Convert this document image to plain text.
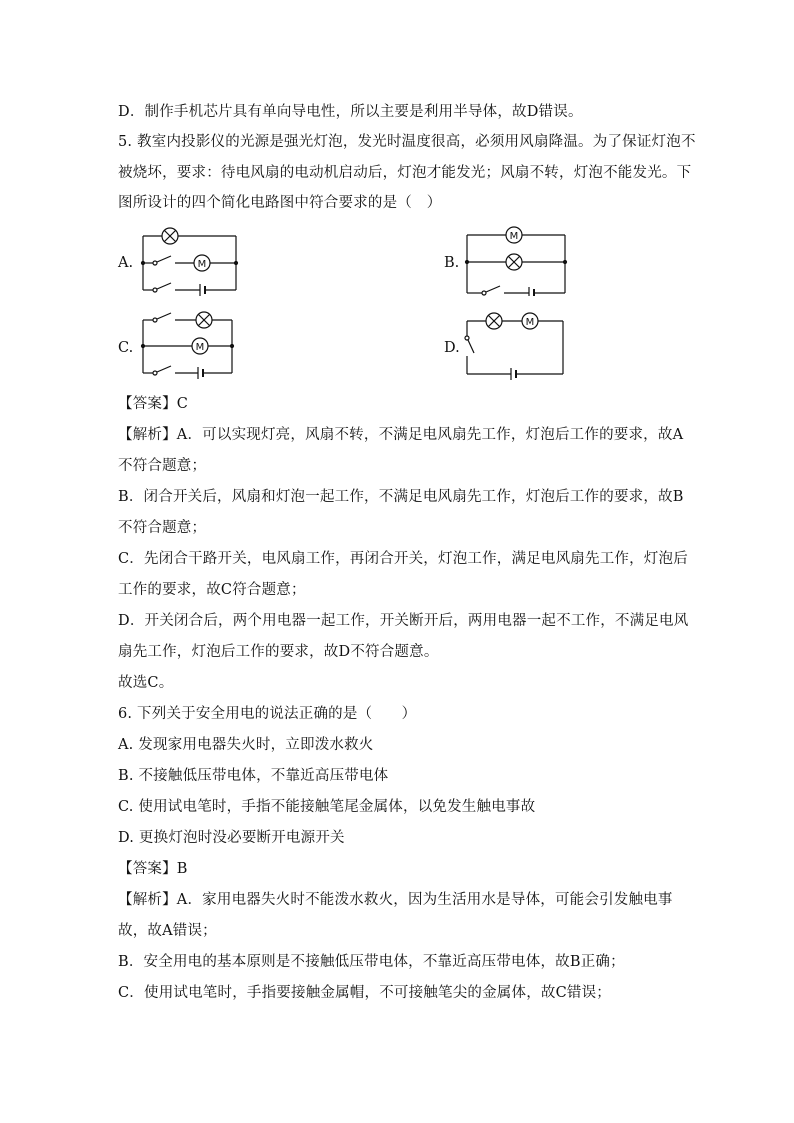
D．制作手机芯片具有单向导电性，所以主要是利用半导体，故D错误。
5. 教室内投影仪的光源是强光灯泡，发光时温度很高，必须用风扇降温。为了保证灯泡不
被烧坏，要求：待电风扇的电动机启动后，灯泡才能发光；风扇不转，灯泡不能发光。下
图所设计的四个简化电路图中符合要求的是（　）
A.	M	B.
M
C.	M	D.
M
【答案】C
【解析】A．可以实现灯亮，风扇不转，不满足电风扇先工作，灯泡后工作的要求，故A
不符合题意；
B．闭合开关后，风扇和灯泡一起工作，不满足电风扇先工作，灯泡后工作的要求，故B
不符合题意；
C．先闭合干路开关，电风扇工作，再闭合开关，灯泡工作，满足电风扇先工作，灯泡后
工作的要求，故C符合题意；
D．开关闭合后，两个用电器一起工作，开关断开后，两用电器一起不工作，不满足电风
扇先工作，灯泡后工作的要求，故D不符合题意。
故选C。
6. 下列关于安全用电的说法正确的是（　　）
A. 发现家用电器失火时，立即泼水救火
B. 不接触低压带电体，不靠近高压带电体
C. 使用试电笔时，手指不能接触笔尾金属体，以免发生触电事故
D. 更换灯泡时没必要断开电源开关
【答案】B
【解析】A．家用电器失火时不能泼水救火，因为生活用水是导体，可能会引发触电事
故，故A错误；
B．安全用电的基本原则是不接触低压带电体，不靠近高压带电体，故B正确；
C．使用试电笔时，手指要接触金属帽，不可接触笔尖的金属体，故C错误；
